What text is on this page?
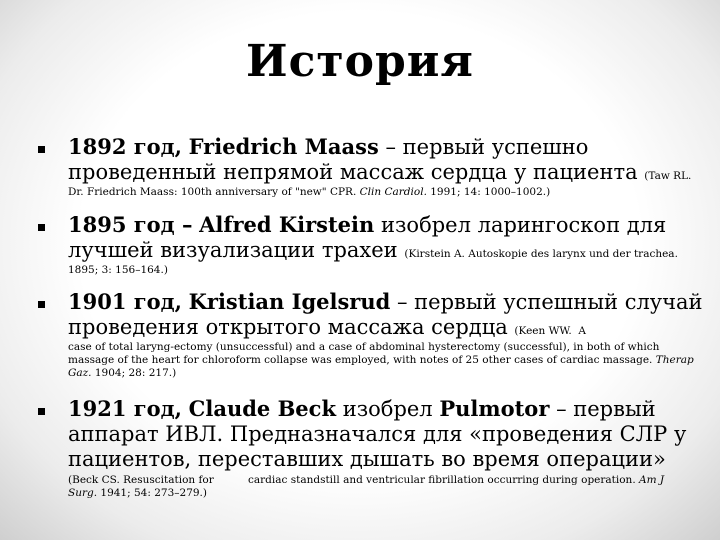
История
1892 год, Friedrich Maass – первый успешно проведенный непрямой массаж сердца у пациента (Taw RL.
Dr. Friedrich Maass: 100th anniversary of "new" CPR. Clin Cardiol. 1991; 14: 1000–1002.)
1895 год – Alfred Kirstein изобрел ларингоскоп для лучшей визуализации трахеи (Kirstein A. Autoskopie des larynx und der trachea.
1895; 3: 156–164.)
1901 год, Kristian Igelsrud – первый успешный случай проведения открытого массажа сердца (Keen WW. A
case of total laryng-ectomy (unsuccessful) and a case of abdominal hysterectomy (successful), in both of which massage of the heart for chloroform collapse was employed, with notes of 25 other cases of cardiac massage. Therap Gaz. 1904; 28: 217.)
1921 год, Claude Beck изобрел Pulmotor – первый аппарат ИВЛ. Предназначался для «проведения СЛР у пациентов, переставших дышать во время операции»
(Beck CS. Resuscitation for Surg. 1941; 54: 273–279.)
cardiac standstill and ventricular fibrillation occurring during operation. Am J
